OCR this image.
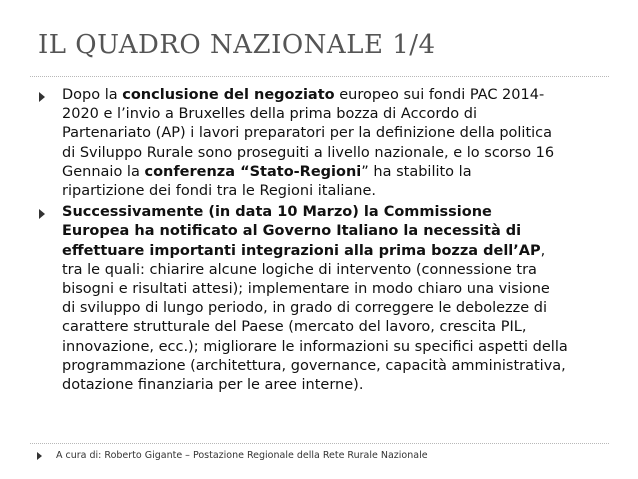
IL QUADRO NAZIONALE 1/4
Dopo la conclusione del negoziato europeo sui fondi PAC 2014-
2020 e l’invio a Bruxelles della prima bozza di Accordo di
Partenariato (AP) i lavori preparatori per la definizione della politica
di Sviluppo Rurale sono proseguiti a livello nazionale, e lo scorso 16
Gennaio la conferenza “Stato-Regioni” ha stabilito la
ripartizione dei fondi tra le Regioni italiane.
Successivamente (in data 10 Marzo) la Commissione
Europea ha notificato al Governo Italiano la necessità di
effettuare importanti integrazioni alla prima bozza dell’AP,
tra le quali: chiarire alcune logiche di intervento (connessione tra
bisogni e risultati attesi); implementare in modo chiaro una visione
di sviluppo di lungo periodo, in grado di correggere le debolezze di
carattere strutturale del Paese (mercato del lavoro, crescita PIL,
innovazione, ecc.); migliorare le informazioni su specifici aspetti della
programmazione (architettura, governance, capacità amministrativa,
dotazione finanziaria per le aree interne).
A cura di: Roberto Gigante – Postazione Regionale della Rete Rurale Nazionale
